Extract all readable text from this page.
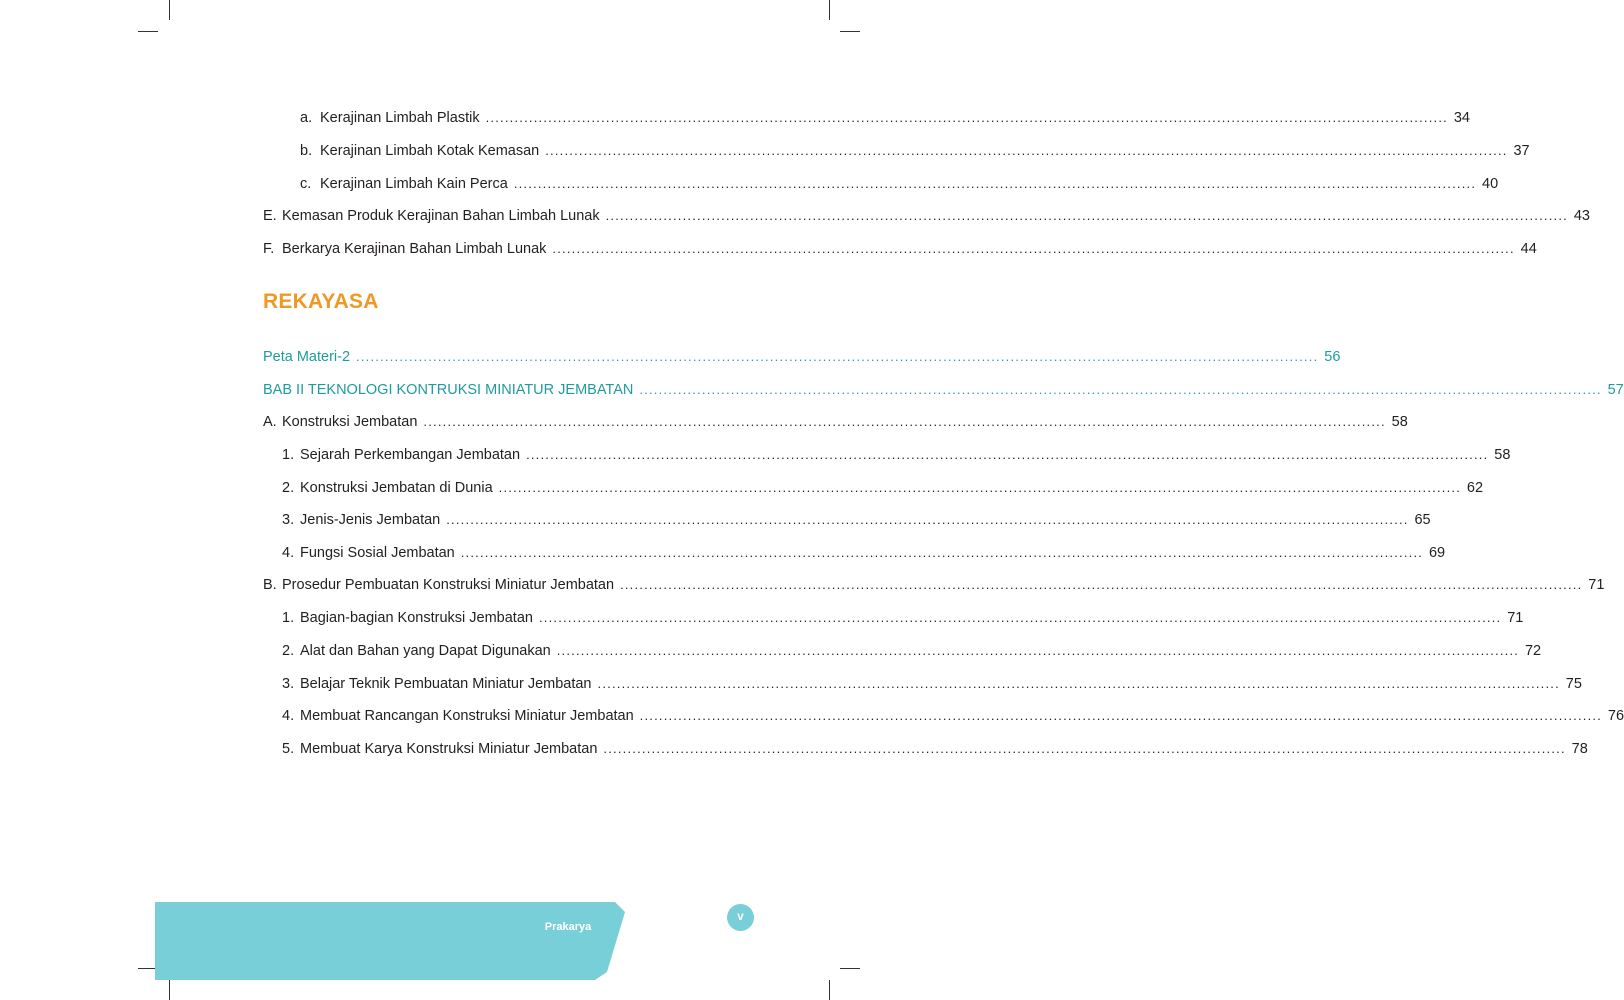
a. Kerajinan Limbah Plastik ........................................................................................................................................................................................................ 34
b. Kerajinan Limbah Kotak Kemasan ........................................................................................................................................................................................................ 37
c. Kerajinan Limbah Kain Perca ........................................................................................................................................................................................................ 40
E. Kemasan Produk Kerajinan Bahan Limbah Lunak ........................................................................................................................................................................................................ 43
F. Berkarya Kerajinan Bahan Limbah Lunak ........................................................................................................................................................................................................ 44
REKAYASA
Peta Materi-2 ........................................................................................................................................................................................................ 56
BAB II TEKNOLOGI KONTRUKSI MINIATUR JEMBATAN ........................................................................................................................................................................................................ 57
A. Konstruksi Jembatan ........................................................................................................................................................................................................ 58
1. Sejarah Perkembangan Jembatan ........................................................................................................................................................................................................ 58
2. Konstruksi Jembatan di Dunia ........................................................................................................................................................................................................ 62
3. Jenis-Jenis Jembatan ........................................................................................................................................................................................................ 65
4. Fungsi Sosial Jembatan ........................................................................................................................................................................................................ 69
B. Prosedur Pembuatan Konstruksi Miniatur Jembatan ........................................................................................................................................................................................................ 71
1. Bagian-bagian Konstruksi Jembatan ........................................................................................................................................................................................................ 71
2. Alat dan Bahan yang Dapat Digunakan ........................................................................................................................................................................................................ 72
3. Belajar Teknik Pembuatan Miniatur Jembatan ........................................................................................................................................................................................................ 75
4. Membuat Rancangan Konstruksi Miniatur Jembatan ........................................................................................................................................................................................................ 76
5. Membuat Karya Konstruksi Miniatur Jembatan ........................................................................................................................................................................................................ 78
Prakarya
v
